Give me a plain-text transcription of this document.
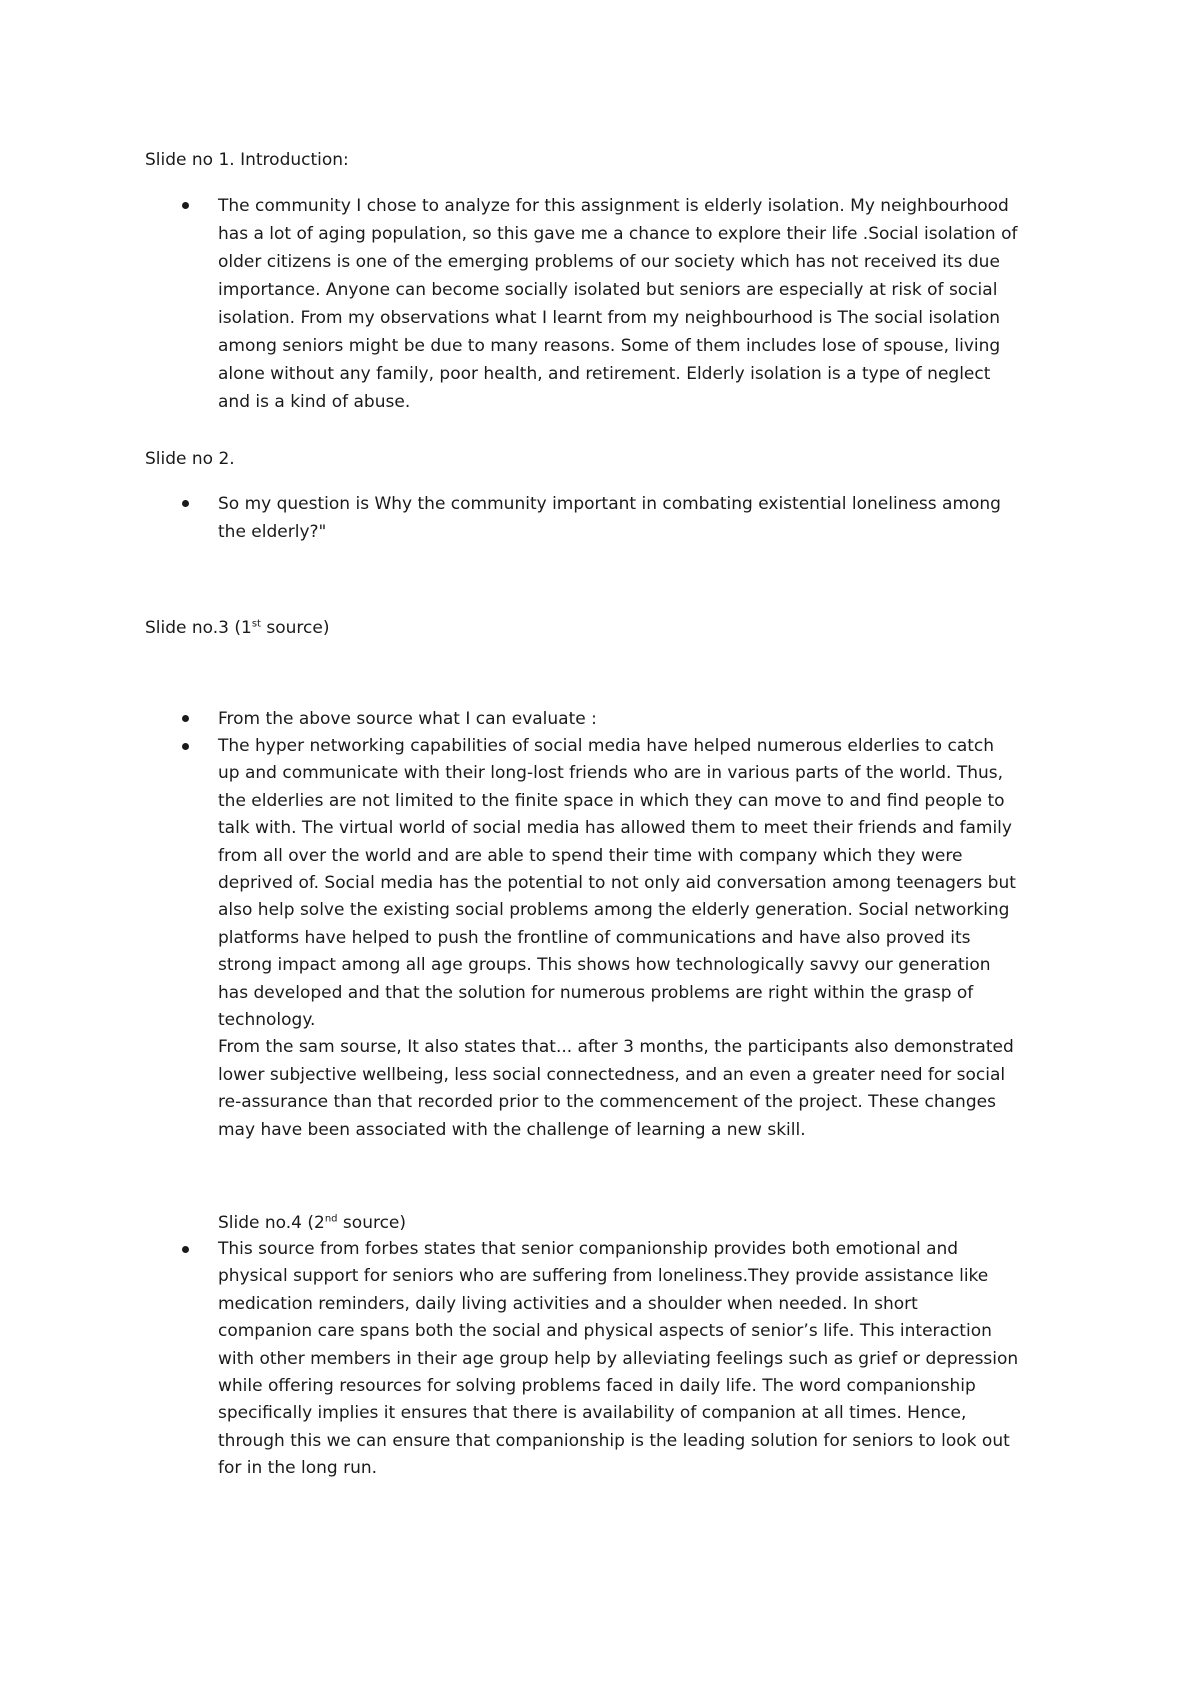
Slide no 1. Introduction:
The community I chose to analyze for this assignment is elderly isolation. My neighbourhood
has a lot of aging population, so this gave me a chance to explore their life .Social isolation of
older citizens is one of the emerging problems of our society which has not received its due
importance. Anyone can become socially isolated but seniors are especially at risk of social
isolation. From my observations what I learnt from my neighbourhood is The social isolation
among seniors might be due to many reasons. Some of them includes lose of spouse, living
alone without any family, poor health, and retirement. Elderly isolation is a type of neglect
and is a kind of abuse.
Slide no 2.
So my question is Why the community important in combating existential loneliness among
the elderly?"
Slide no.3 (1st source)
From the above source what I can evaluate :
The hyper networking capabilities of social media have helped numerous elderlies to catch
up and communicate with their long-lost friends who are in various parts of the world. Thus,
the elderlies are not limited to the finite space in which they can move to and find people to
talk with. The virtual world of social media has allowed them to meet their friends and family
from all over the world and are able to spend their time with company which they were
deprived of. Social media has the potential to not only aid conversation among teenagers but
also help solve the existing social problems among the elderly generation. Social networking
platforms have helped to push the frontline of communications and have also proved its
strong impact among all age groups. This shows how technologically savvy our generation
has developed and that the solution for numerous problems are right within the grasp of
technology.
From the sam sourse, It also states that... after 3 months, the participants also demonstrated
lower subjective wellbeing, less social connectedness, and an even a greater need for social
re-assurance than that recorded prior to the commencement of the project. These changes
may have been associated with the challenge of learning a new skill.
Slide no.4 (2nd source)
This source from forbes states that senior companionship provides both emotional and
physical support for seniors who are suffering from loneliness.They provide assistance like
medication reminders, daily living activities and a shoulder when needed. In short
companion care spans both the social and physical aspects of senior’s life. This interaction
with other members in their age group help by alleviating feelings such as grief or depression
while offering resources for solving problems faced in daily life. The word companionship
specifically implies it ensures that there is availability of companion at all times. Hence,
through this we can ensure that companionship is the leading solution for seniors to look out
for in the long run.
